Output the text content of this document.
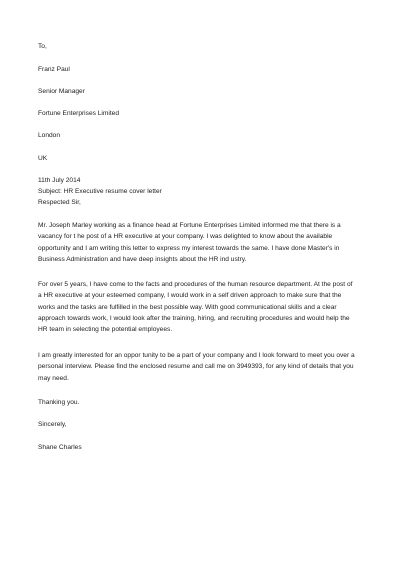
To,
Franz Paul
Senior Manager
Fortune Enterprises Limited
London
UK
11th July 2014
Subject: HR Executive resume cover letter
Respected Sir,
Mr. Joseph Marley working as a finance head at Fortune Enterprises Limited informed me that there is a
vacancy for t he post of a HR executive at your company. I was delighted to know about the available
opportunity and I am writing this letter to express my interest towards the same. I have done Master's in
Business Administration and have deep insights about the HR ind ustry.
For over 5 years, I have come to the facts and procedures of the human resource department. At the post of
a HR executive at your esteemed company, I would work in a self driven approach to make sure that the
works and the tasks are fulfilled in the best possible way. With good communicational skills and a clear
approach towards work, I would look after the training, hiring, and recruiting procedures and would help the
HR team in selecting the potential employees.
I am greatly interested for an oppor tunity to be a part of your company and I look forward to meet you over a
personal interview. Please find the enclosed resume and call me on 3949393, for any kind of details that you
may need.
Thanking you.
Sincerely,
Shane Charles
